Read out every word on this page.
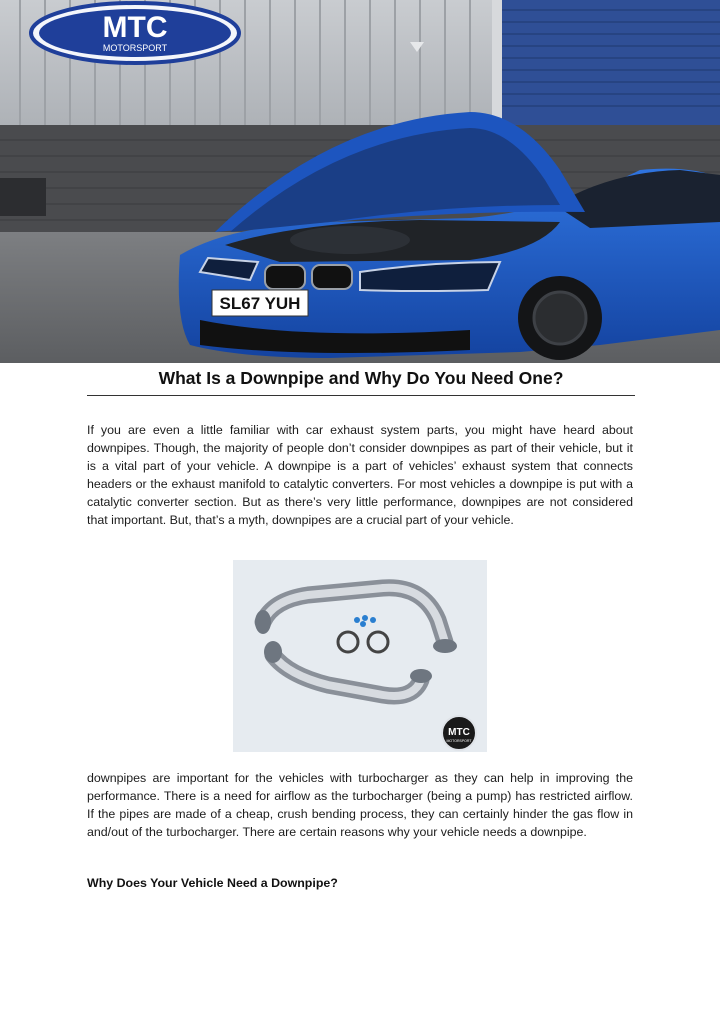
MTC
MOTORSPORT
SL67 YUH
What Is a Downpipe and Why Do You Need One?
If you are even a little familiar with car exhaust system parts, you might have heard about downpipes. Though, the majority of people don’t consider downpipes as part of their vehicle, but it is a vital part of your vehicle. A downpipe is a part of vehicles’ exhaust system that connects headers or the exhaust manifold to catalytic converters. For most vehicles a downpipe is put with a catalytic converter section. But as there’s very little performance, downpipes are not considered that important. But, that’s a myth, downpipes are a crucial part of your vehicle.
MTC
MOTORSPORT
downpipes are important for the vehicles with turbocharger as they can help in improving the performance. There is a need for airflow as the turbocharger (being a pump) has restricted airflow. If the pipes are made of a cheap, crush bending process, they can certainly hinder the gas flow in and/out of the turbocharger. There are certain reasons why your vehicle needs a downpipe.
Why Does Your Vehicle Need a Downpipe?
